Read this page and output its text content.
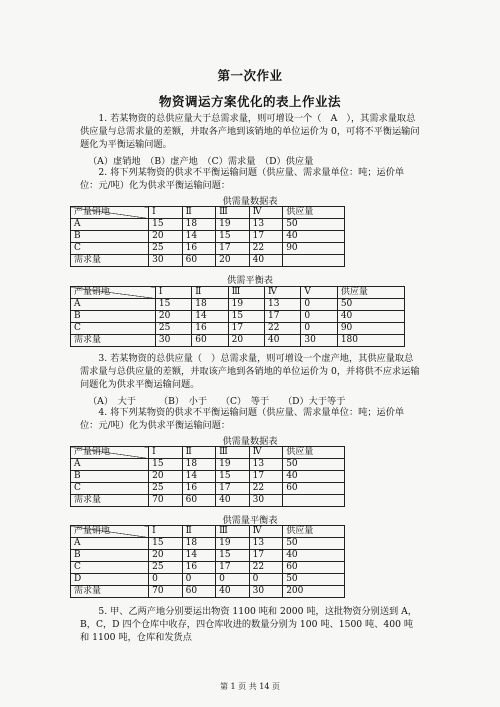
第一次作业
物资调运方案优化的表上作业法
1. 若某物资的总供应量大于总需求量，则可增设一个（　A　），其需求量取总供应量与总需求量的差额，并取各产地到该销地的单位运价为 0，可将不平衡运输问题化为平衡运输问题。
（A）虚销地　（B）虚产地　（C）需求量　（D）供应量
2. 将下列某物资的供求不平衡运输问题（供应量、需求量单位：吨；运价单位：元/吨）化为供求平衡运输问题：
供需量数据表
产量销地	Ⅰ	Ⅱ	Ⅲ	Ⅳ	供应量
A	15	18	19	13	50
B	20	14	15	17	40
C	25	16	17	22	90
需求量	30	60	20	40	
供需平衡表
产量销地	Ⅰ	Ⅱ	Ⅲ	Ⅳ	Ⅴ	供应量
A	15	18	19	13	0	50
B	20	14	15	17	0	40
C	25	16	17	22	0	90
需求量	30	60	20	40	30	180
3. 若某物资的总供应量（　）总需求量，则可增设一个虚产地，其供应量取总需求量与总供应量的差额，并取该产地到各销地的单位运价为 0，并将供不应求运输问题化为供求平衡运输问题。
（A）　大于　　　（B）　小于　　（C）　等于　　（D）大于等于
4. 将下列某物资的供求不平衡运输问题（供应量、需求量单位：吨；运价单位：元/吨）化为供求平衡运输问题：
供需量数据表
产量销地	Ⅰ	Ⅱ	Ⅲ	Ⅳ	供应量
A	15	18	19	13	50
B	20	14	15	17	40
C	25	16	17	22	60
需求量	70	60	40	30	
供需量平衡表
产量销地	Ⅰ	Ⅱ	Ⅲ	Ⅳ	供应量
A	15	18	19	13	50
B	20	14	15	17	40
C	25	16	17	22	60
D	0	0	0	0	50
需求量	70	60	40	30	200
5. 甲、乙两产地分别要运出物资 1100 吨和 2000 吨，这批物资分别送到 A，B，C，D 四个仓库中收存，四仓库收进的数量分别为 100 吨、1500 吨、400 吨和 1100 吨，仓库和发货点
第 1 页 共 14 页
